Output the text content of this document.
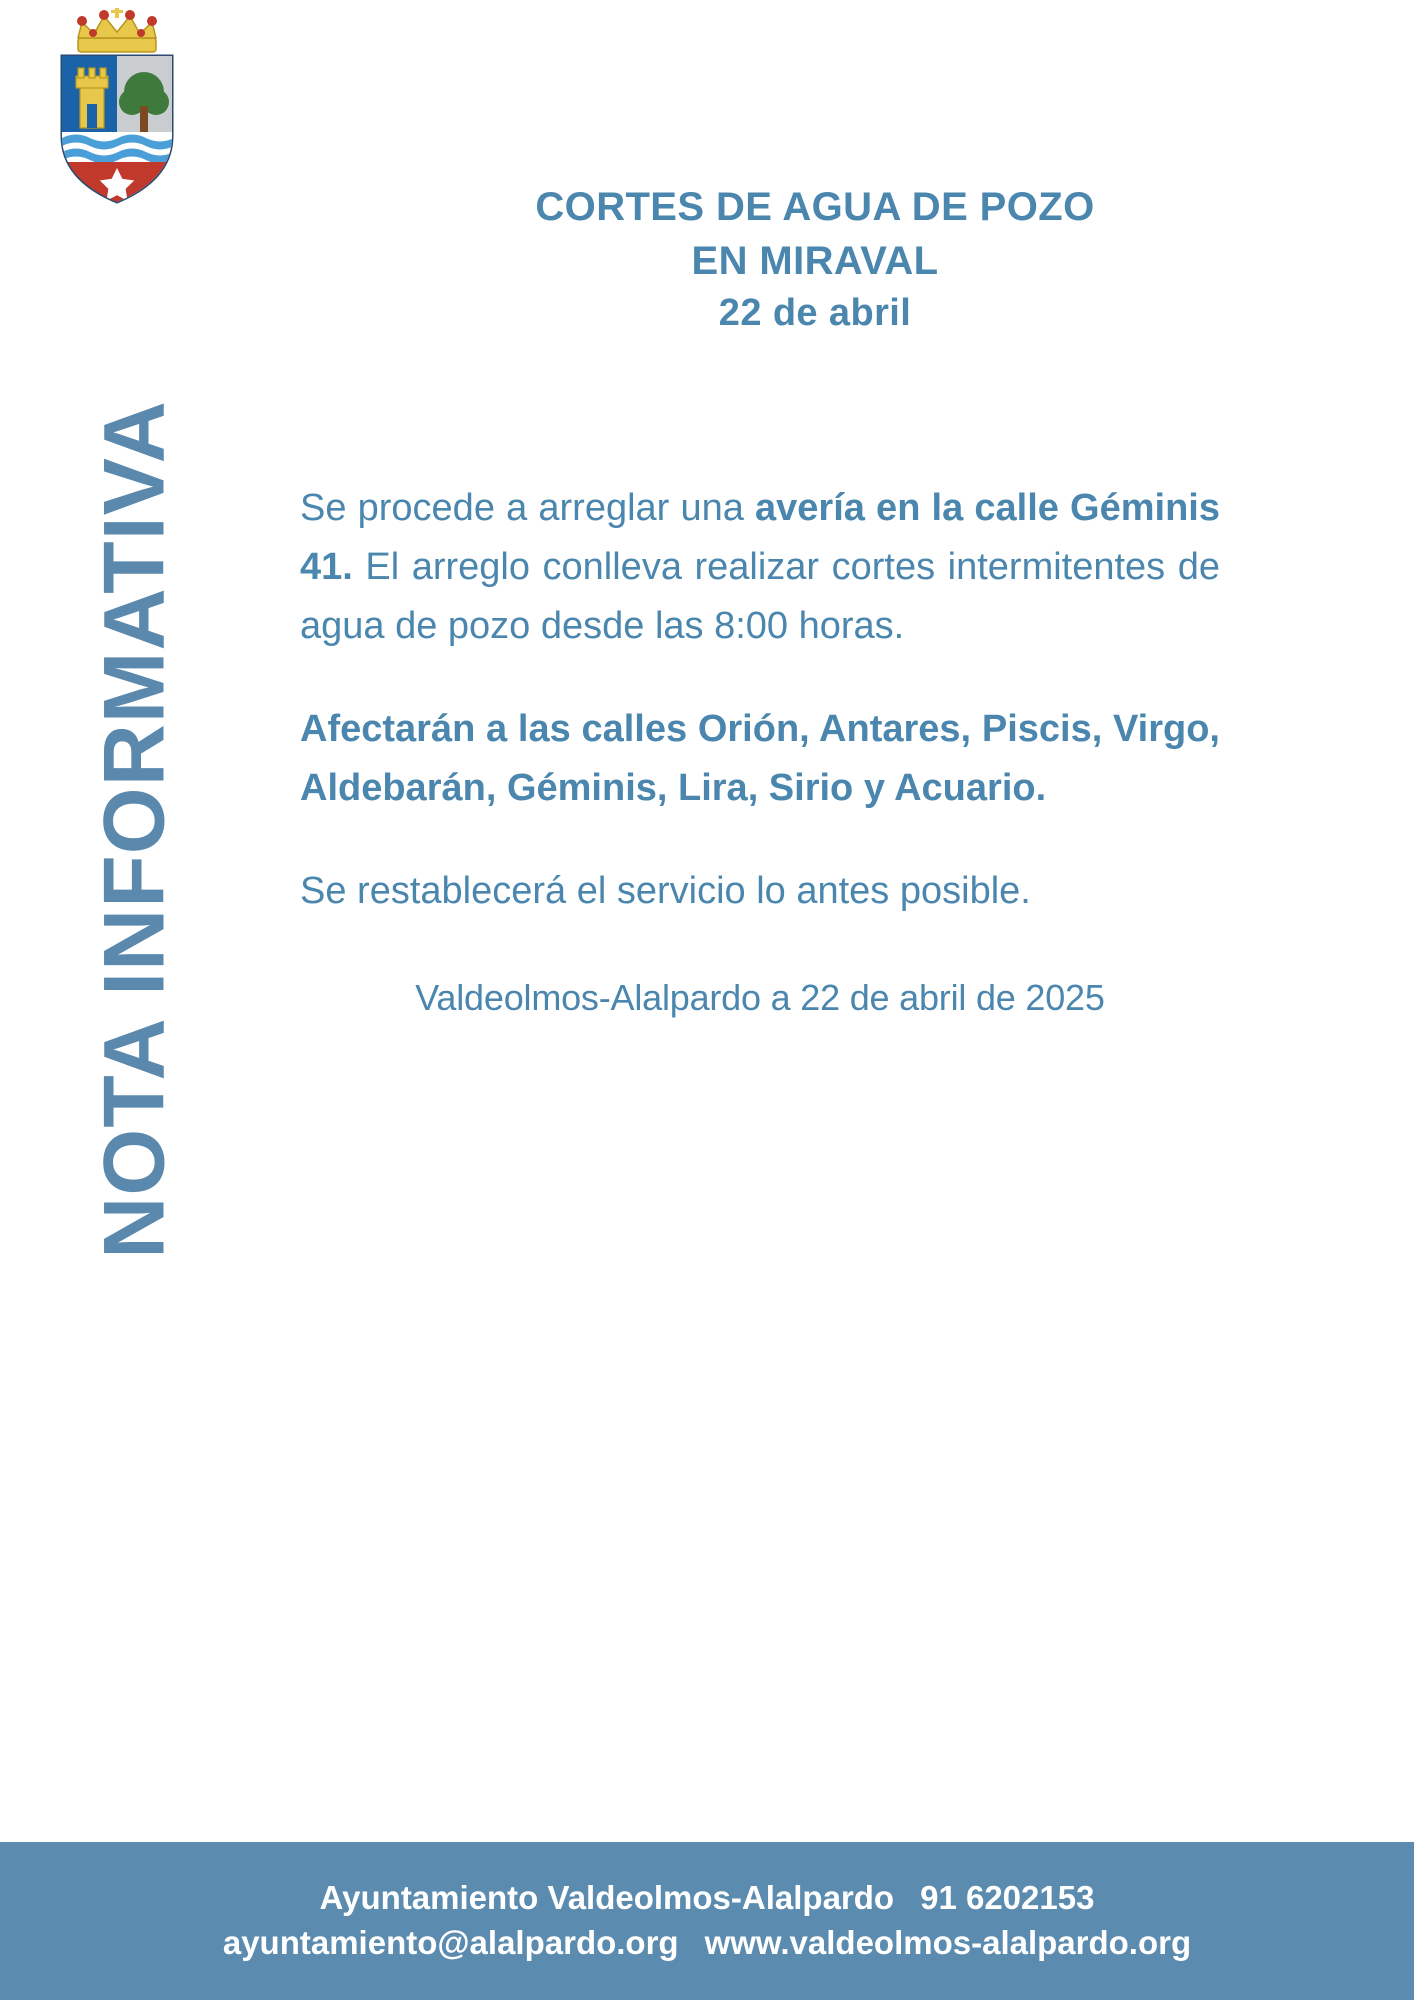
NOTA INFORMATIVA
CORTES DE AGUA DE POZO
EN MIRAVAL
22 de abril

Se procede a arreglar una avería en la calle Géminis 41. El arreglo conlleva realizar cortes intermitentes de agua de pozo desde las 8:00 horas.

Afectarán a las calles Orión, Antares, Piscis, Virgo, Aldebarán, Géminis, Lira, Sirio y Acuario.

Se restablecerá el servicio lo antes posible.

Valdeolmos-Alalpardo a 22 de abril de 2025
Ayuntamiento Valdeolmos-Alalpardo 91 6202153
ayuntamiento@alalpardo.org www.valdeolmos-alalpardo.org
